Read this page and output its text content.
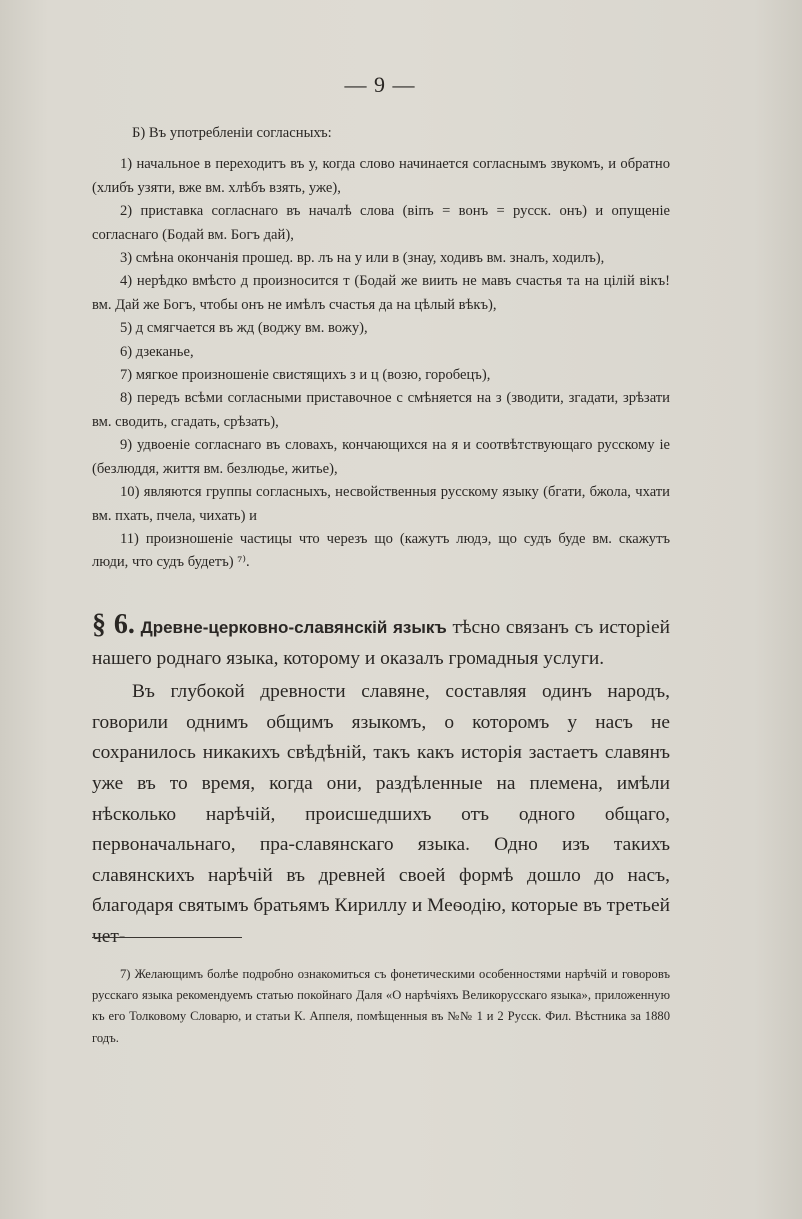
— 9 —

Б) Въ употребленіи согласныхъ:

1) начальное в переходитъ въ у, когда слово начинается согласнымъ звукомъ, и обратно (хлибъ узяти, вже вм. хлѣбъ взять, уже),

2) приставка согласнаго въ началѣ слова (віпъ = вонъ = русск. онъ) и опущеніе согласнаго (Бодай вм. Богъ дай),

3) смѣна окончанія прошед. вр. лъ на у или в (знау, ходивъ вм. зналъ, ходилъ),

4) нерѣдко вмѣсто д произносится т (Бодай же виить не мавъ счастья та на цілій вікъ! вм. Дай же Богъ, чтобы онъ не имѣлъ счастья да на цѣлый вѣкъ),

5) д смягчается въ жд (воджу вм. вожу),

6) дзеканье,

7) мягкое произношеніе свистящихъ з и ц (возю, горобецъ),

8) передъ всѣми согласными приставочное с смѣняется на з (зводити, згадати, зрѣзати вм. сводить, сгадать, срѣзать),

9) удвоеніе согласнаго въ словахъ, кончающихся на я и соотвѣтствующаго русскому іе (безлюддя, життя вм. безлюдье, житье),

10) являются группы согласныхъ, несвойственныя русскому языку (бгати, бжола, чхати вм. пхать, пчела, чихать) и

11) произношеніе частицы что черезъ що (кажутъ людэ, що судъ буде вм. скажутъ люди, что судъ будетъ) ⁷⁾.

§ 6. Древне-церковно-славянскій языкъ тѣсно связанъ съ исторіей нашего роднаго языка, которому и оказалъ громадныя услуги.

Въ глубокой древности славяне, составляя одинъ народъ, говорили однимъ общимъ языкомъ, о которомъ у насъ не сохранилось никакихъ свѣдѣній, такъ какъ исторія застаетъ славянъ уже въ то время, когда они, раздѣленные на племена, имѣли нѣсколько нарѣчій, происшедшихъ отъ одного общаго, первоначальнаго, пра-славянскаго языка. Одно изъ такихъ славянскихъ нарѣчій въ древней своей формѣ дошло до насъ, благодаря святымъ братьямъ Кириллу и Меѳодію, которые въ третьей чет-

7) Желающимъ болѣе подробно ознакомиться съ фонетическими особенностями нарѣчій и говоровъ русскаго языка рекомендуемъ статью покойнаго Даля «О нарѣчіяхъ Великорусскаго языка», приложенную къ его Толковому Словарю, и статьи К. Аппеля, помѣщенныя въ №№ 1 и 2 Русск. Фил. Вѣстника за 1880 годъ.
